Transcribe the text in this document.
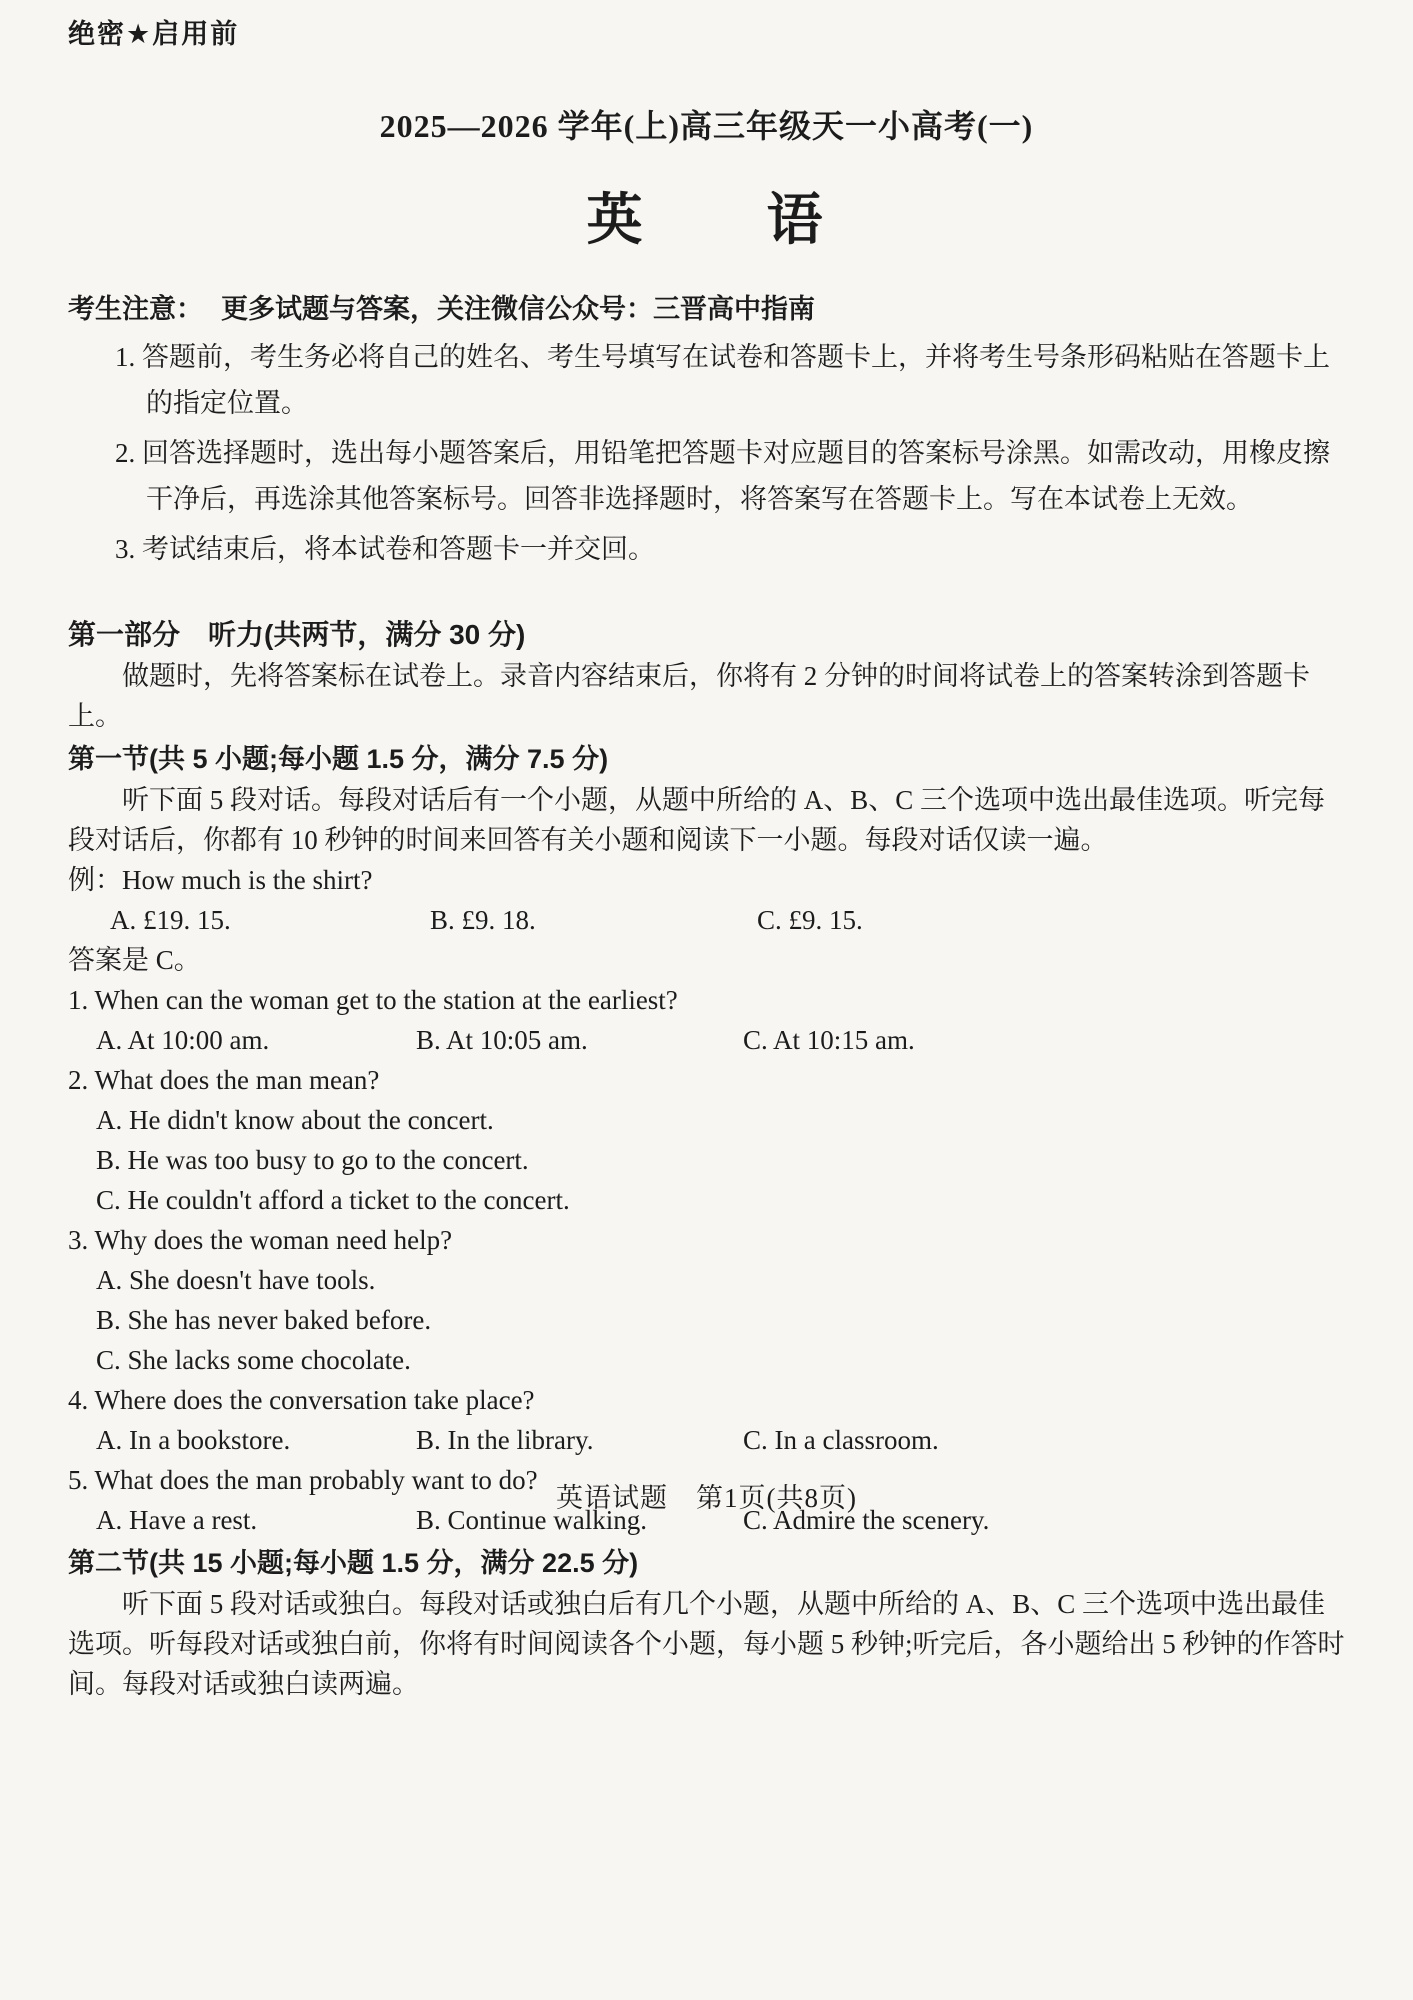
绝密★启用前
2025—2026 学年(上)高三年级天一小高考(一)
英　　语
考生注意： 更多试题与答案，关注微信公众号：三晋高中指南
1. 答题前，考生务必将自己的姓名、考生号填写在试卷和答题卡上，并将考生号条形码粘贴在答题卡上的指定位置。
2. 回答选择题时，选出每小题答案后，用铅笔把答题卡对应题目的答案标号涂黑。如需改动，用橡皮擦干净后，再选涂其他答案标号。回答非选择题时，将答案写在答题卡上。写在本试卷上无效。
3. 考试结束后，将本试卷和答题卡一并交回。
第一部分　听力(共两节，满分 30 分)
做题时，先将答案标在试卷上。录音内容结束后，你将有 2 分钟的时间将试卷上的答案转涂到答题卡上。
第一节(共 5 小题;每小题 1.5 分，满分 7.5 分)
听下面 5 段对话。每段对话后有一个小题，从题中所给的 A、B、C 三个选项中选出最佳选项。听完每段对话后，你都有 10 秒钟的时间来回答有关小题和阅读下一小题。每段对话仅读一遍。
例：How much is the shirt?
A. £19. 15.	B. £9. 18.	C. £9. 15.
答案是 C。
1. When can the woman get to the station at the earliest?
A. At 10:00 am.	B. At 10:05 am.	C. At 10:15 am.
2. What does the man mean?
A. He didn't know about the concert.
B. He was too busy to go to the concert.
C. He couldn't afford a ticket to the concert.
3. Why does the woman need help?
A. She doesn't have tools.
B. She has never baked before.
C. She lacks some chocolate.
4. Where does the conversation take place?
A. In a bookstore.	B. In the library.	C. In a classroom.
5. What does the man probably want to do?
A. Have a rest.	B. Continue walking.	C. Admire the scenery.
第二节(共 15 小题;每小题 1.5 分，满分 22.5 分)
听下面 5 段对话或独白。每段对话或独白后有几个小题，从题中所给的 A、B、C 三个选项中选出最佳选项。听每段对话或独白前，你将有时间阅读各个小题，每小题 5 秒钟;听完后，各小题给出 5 秒钟的作答时间。每段对话或独白读两遍。
英语试题　第1页(共8页)
